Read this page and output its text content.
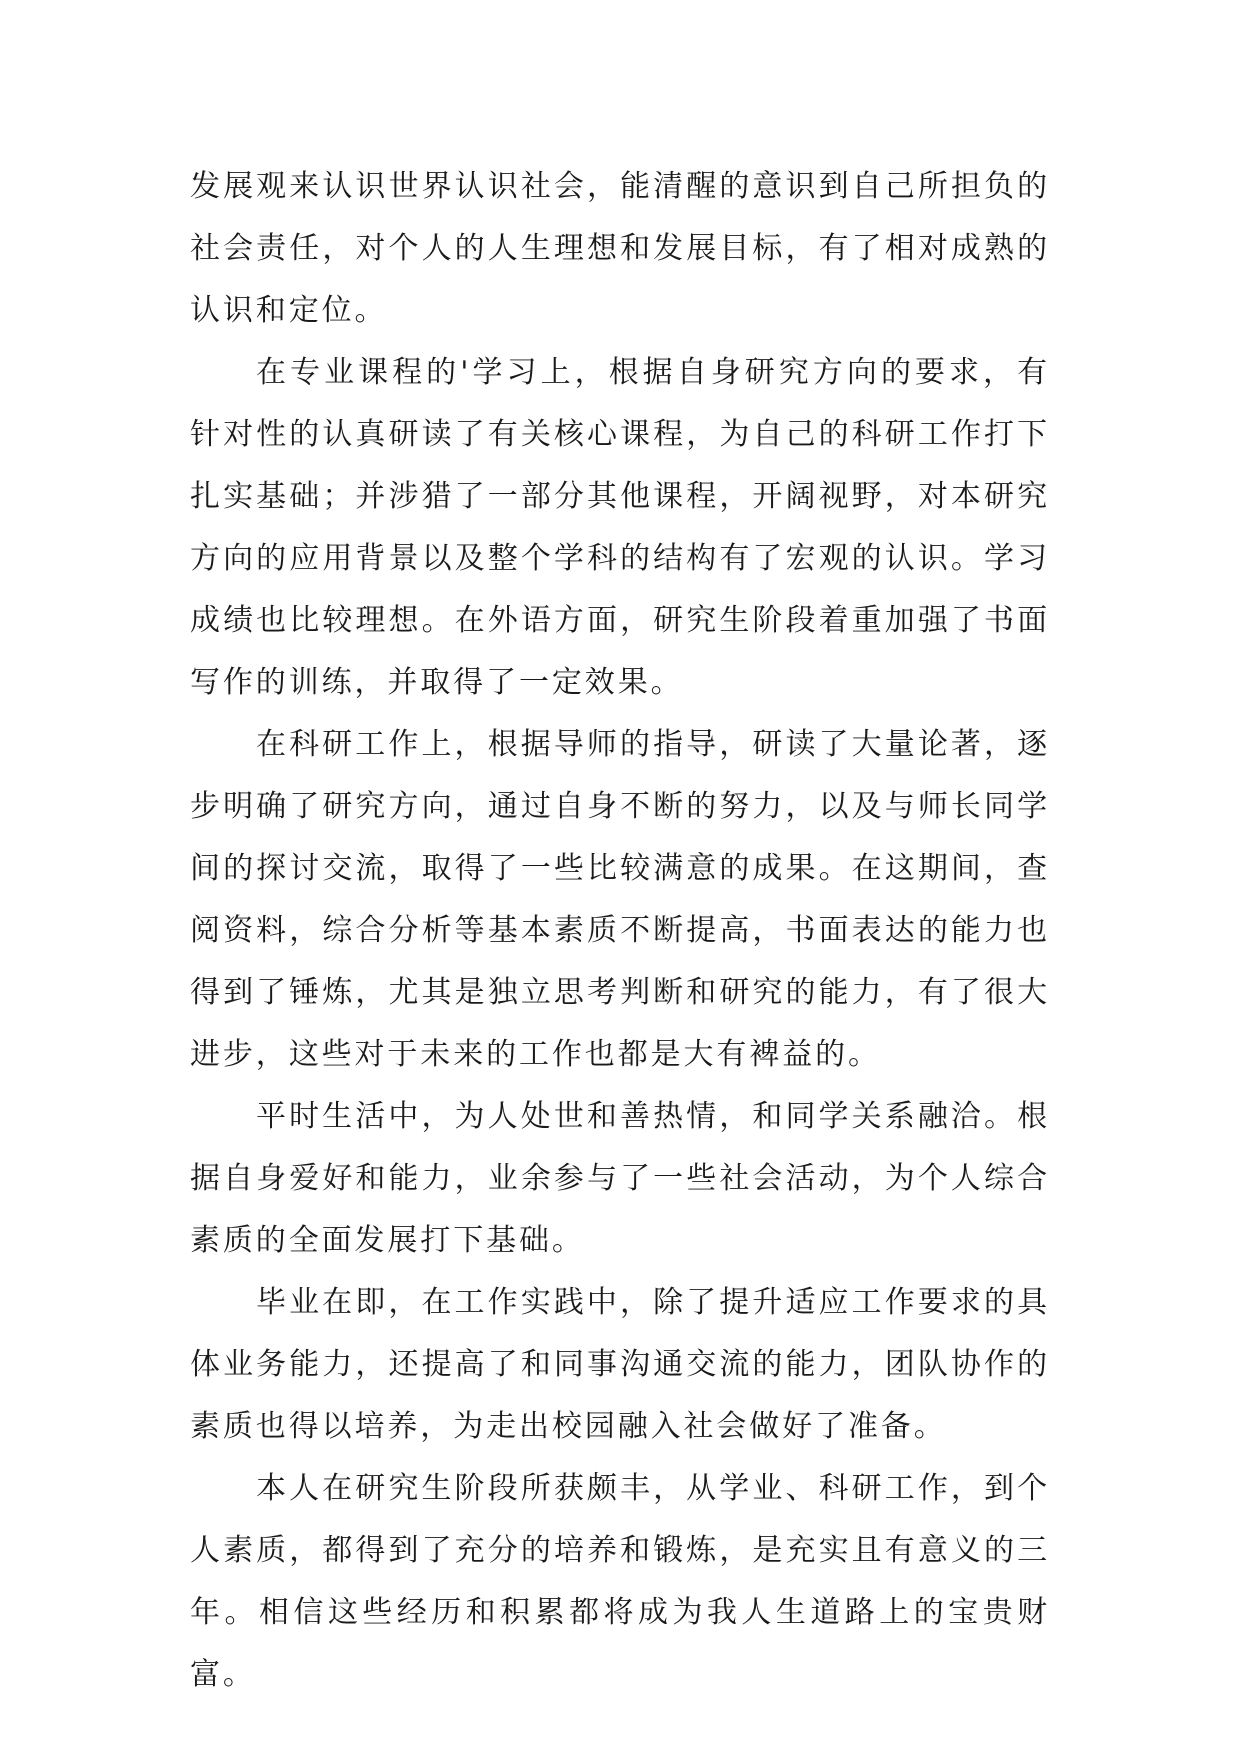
发展观来认识世界认识社会，能清醒的意识到自己所担负的社会责任，对个人的人生理想和发展目标，有了相对成熟的认识和定位。

在专业课程的'学习上，根据自身研究方向的要求，有针对性的认真研读了有关核心课程，为自己的科研工作打下扎实基础；并涉猎了一部分其他课程，开阔视野，对本研究方向的应用背景以及整个学科的结构有了宏观的认识。学习成绩也比较理想。在外语方面，研究生阶段着重加强了书面写作的训练，并取得了一定效果。

在科研工作上，根据导师的指导，研读了大量论著，逐步明确了研究方向，通过自身不断的努力，以及与师长同学间的探讨交流，取得了一些比较满意的成果。在这期间，查阅资料，综合分析等基本素质不断提高，书面表达的能力也得到了锤炼，尤其是独立思考判断和研究的能力，有了很大进步，这些对于未来的工作也都是大有裨益的。

平时生活中，为人处世和善热情，和同学关系融洽。根据自身爱好和能力，业余参与了一些社会活动，为个人综合素质的全面发展打下基础。

毕业在即，在工作实践中，除了提升适应工作要求的具体业务能力，还提高了和同事沟通交流的能力，团队协作的素质也得以培养，为走出校园融入社会做好了准备。

本人在研究生阶段所获颇丰，从学业、科研工作，到个人素质，都得到了充分的培养和锻炼，是充实且有意义的三年。相信这些经历和积累都将成为我人生道路上的宝贵财富。
